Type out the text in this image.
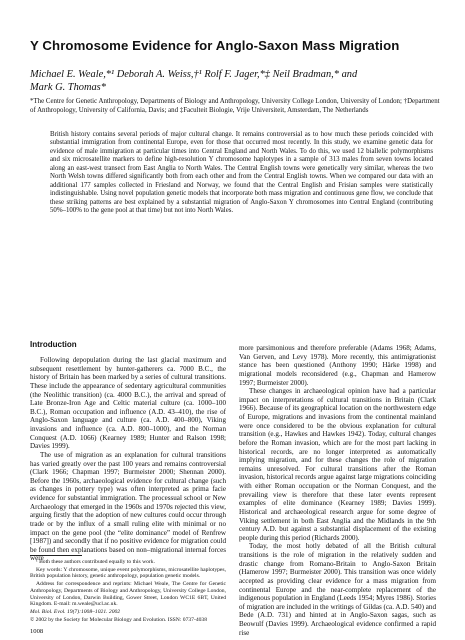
Y Chromosome Evidence for Anglo-Saxon Mass Migration
Michael E. Weale,*¹ Deborah A. Weiss,†¹ Rolf F. Jager,*‡ Neil Bradman,* and
Mark G. Thomas*
*The Centre for Genetic Anthropology, Departments of Biology and Anthropology, University College London, University of London; †Department of Anthropology, University of California, Davis; and ‡Faculteit Biologie, Vrije Universiteit, Amsterdam, The Netherlands
British history contains several periods of major cultural change. It remains controversial as to how much these periods coincided with substantial immigration from continental Europe, even for those that occurred most recently. In this study, we examine genetic data for evidence of male immigration at particular times into Central England and North Wales. To do this, we used 12 biallelic polymorphisms and six microsatellite markers to define high-resolution Y chromosome haplotypes in a sample of 313 males from seven towns located along an east-west transect from East Anglia to North Wales. The Central English towns were genetically very similar, whereas the two North Welsh towns differed significantly both from each other and from the Central English towns. When we compared our data with an additional 177 samples collected in Friesland and Norway, we found that the Central English and Frisian samples were statistically indistinguishable. Using novel population genetic models that incorporate both mass migration and continuous gene flow, we conclude that these striking patterns are best explained by a substantial migration of Anglo-Saxon Y chromosomes into Central England (contributing 50%–100% to the gene pool at that time) but not into North Wales.
Introduction

Following depopulation during the last glacial maximum and subsequent resettlement by hunter-gatherers ca. 7000 B.C., the history of Britain has been marked by a series of cultural transitions. These include the appearance of sedentary agricultural communities (the Neolithic transition) (ca. 4000 B.C.), the arrival and spread of Late Bronze-Iron Age and Celtic material culture (ca. 1000–100 B.C.), Roman occupation and influence (A.D. 43–410), the rise of Anglo-Saxon language and culture (ca. A.D. 400–800), Viking invasions and influence (ca. A.D. 800–1000), and the Norman Conquest (A.D. 1066) (Kearney 1989; Hunter and Ralson 1998; Davies 1999).

The use of migration as an explanation for cultural transitions has varied greatly over the past 100 years and remains controversial (Clark 1966; Chapman 1997; Burmeister 2000; Shennan 2000). Before the 1960s, archaeological evidence for cultural change (such as changes in pottery type) was often interpreted as prima facie evidence for substantial immigration. The processual school or New Archaeology that emerged in the 1960s and 1970s rejected this view, arguing firstly that the adoption of new cultures could occur through trade or by the influx of a small ruling elite with minimal or no impact on the gene pool (the “elite dominance” model of Renfrew [1987]) and secondly that if no positive evidence for migration could be found then explanations based on non–migrational internal forces were

more parsimonious and therefore preferable (Adams 1968; Adams, Van Gerven, and Levy 1978). More recently, this antimigrationist stance has been questioned (Anthony 1990; Härke 1998) and migrational models reconsidered (e.g., Chapman and Hamerow 1997; Burmeister 2000).

These changes in archaeological opinion have had a particular impact on interpretations of cultural transitions in Britain (Clark 1966). Because of its geographical location on the northwestern edge of Europe, migrations and invasions from the continental mainland were once considered to be the obvious explanation for cultural transition (e.g., Hawkes and Hawkes 1942). Today, cultural changes before the Roman invasion, which are for the most part lacking in historical records, are no longer interpreted as automatically implying migration, and for these changes the role of migration remains unresolved. For cultural transitions after the Roman invasion, historical records argue against large migrations coinciding with either Roman occupation or the Norman Conquest, and the prevailing view is therefore that these later events represent examples of elite dominance (Kearney 1989; Davies 1999). Historical and archaeological research argue for some degree of Viking settlement in both East Anglia and the Midlands in the 9th century A.D. but against a substantial displacement of the existing people during this period (Richards 2000).

Today, the most hotly debated of all the British cultural transitions is the role of migration in the relatively sudden and drastic change from Romano-Britain to Anglo-Saxon Britain (Hamerow 1997; Burmeister 2000). This transition was once widely accepted as providing clear evidence for a mass migration from continental Europe and the near-complete replacement of the indigenous population in England (Leeds 1954; Myres 1986). Stories of migration are included in the writings of Gildas (ca. A.D. 540) and Bede (A.D. 731) and hinted at in Anglo-Saxon sagas, such as Beowulf (Davies 1999). Archaeological evidence confirmed a rapid rise

¹ Both these authors contributed equally to this work.

Key words: Y chromosome, unique event polymorphisms, microsatellite haplotypes, British population history, genetic anthropology, population genetic models.

Address for correspondence and reprints: Michael Weale, The Centre for Genetic Anthropology, Departments of Biology and Anthropology, University College London, University of London, Darwin Building, Gower Street, London WC1E 6BT, United Kingdom. E-mail: m.weale@ucl.ac.uk.

Mol. Biol. Evol. 19(7):1008–1021. 2002

© 2002 by the Society for Molecular Biology and Evolution. ISSN: 0737-4038

1008
